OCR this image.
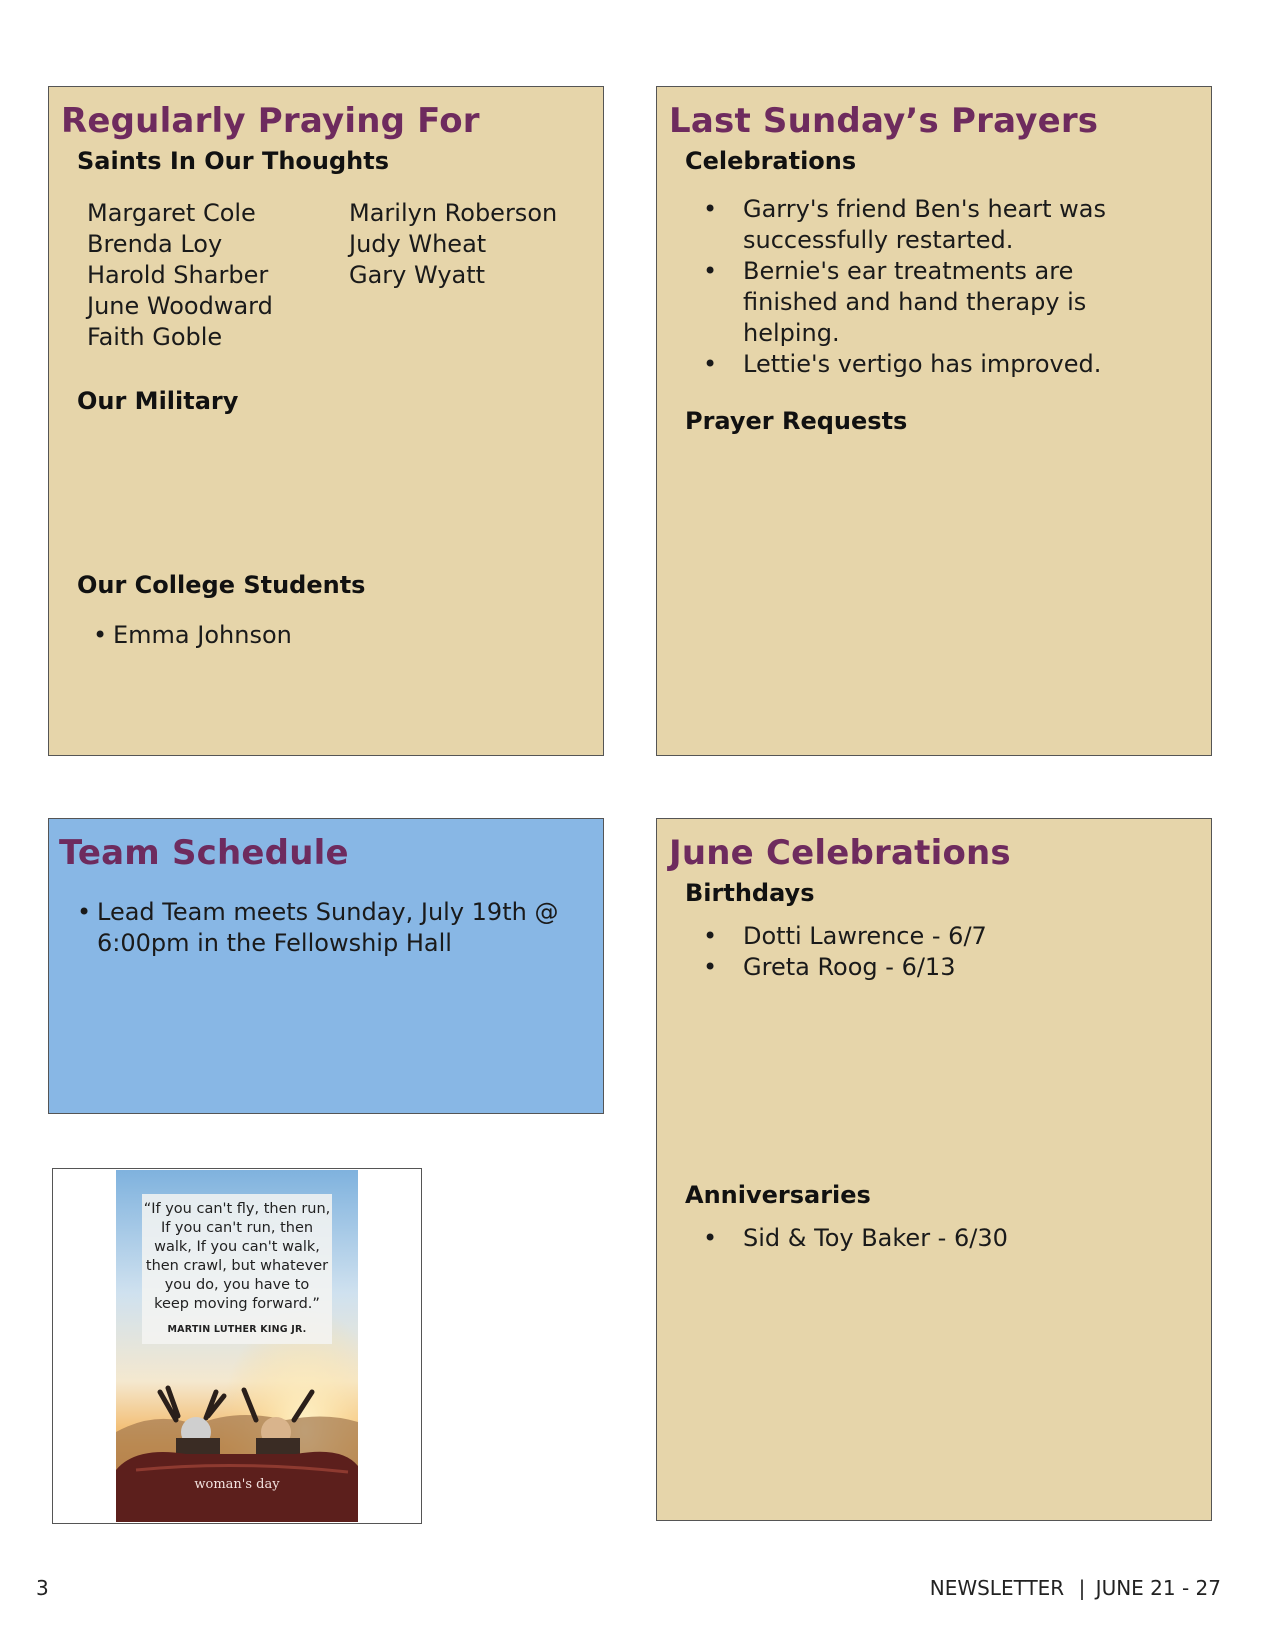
Regularly Praying For
Saints In Our Thoughts
Margaret Cole
Brenda Loy
Harold Sharber
June Woodward
Faith Goble
Marilyn Roberson
Judy Wheat
Gary Wyatt
Our Military
Our College Students
• Emma Johnson
Last Sunday’s Prayers
Celebrations
• Garry's friend Ben's heart was successfully restarted.
• Bernie's ear treatments are finished and hand therapy is helping.
• Lettie's vertigo has improved.
Prayer Requests
Team Schedule
• Lead Team meets Sunday, July 19th @ 6:00pm in the Fellowship Hall
June Celebrations
Birthdays
• Dotti Lawrence - 6/7
• Greta Roog - 6/13
Anniversaries
• Sid & Toy Baker - 6/30
“If you can't fly, then run,
If you can't run, then
walk, If you can't walk,
then crawl, but whatever
you do, you have to
keep moving forward.”
MARTIN LUTHER KING JR.
woman's day
3	NEWSLETTER | JUNE 21 - 27
